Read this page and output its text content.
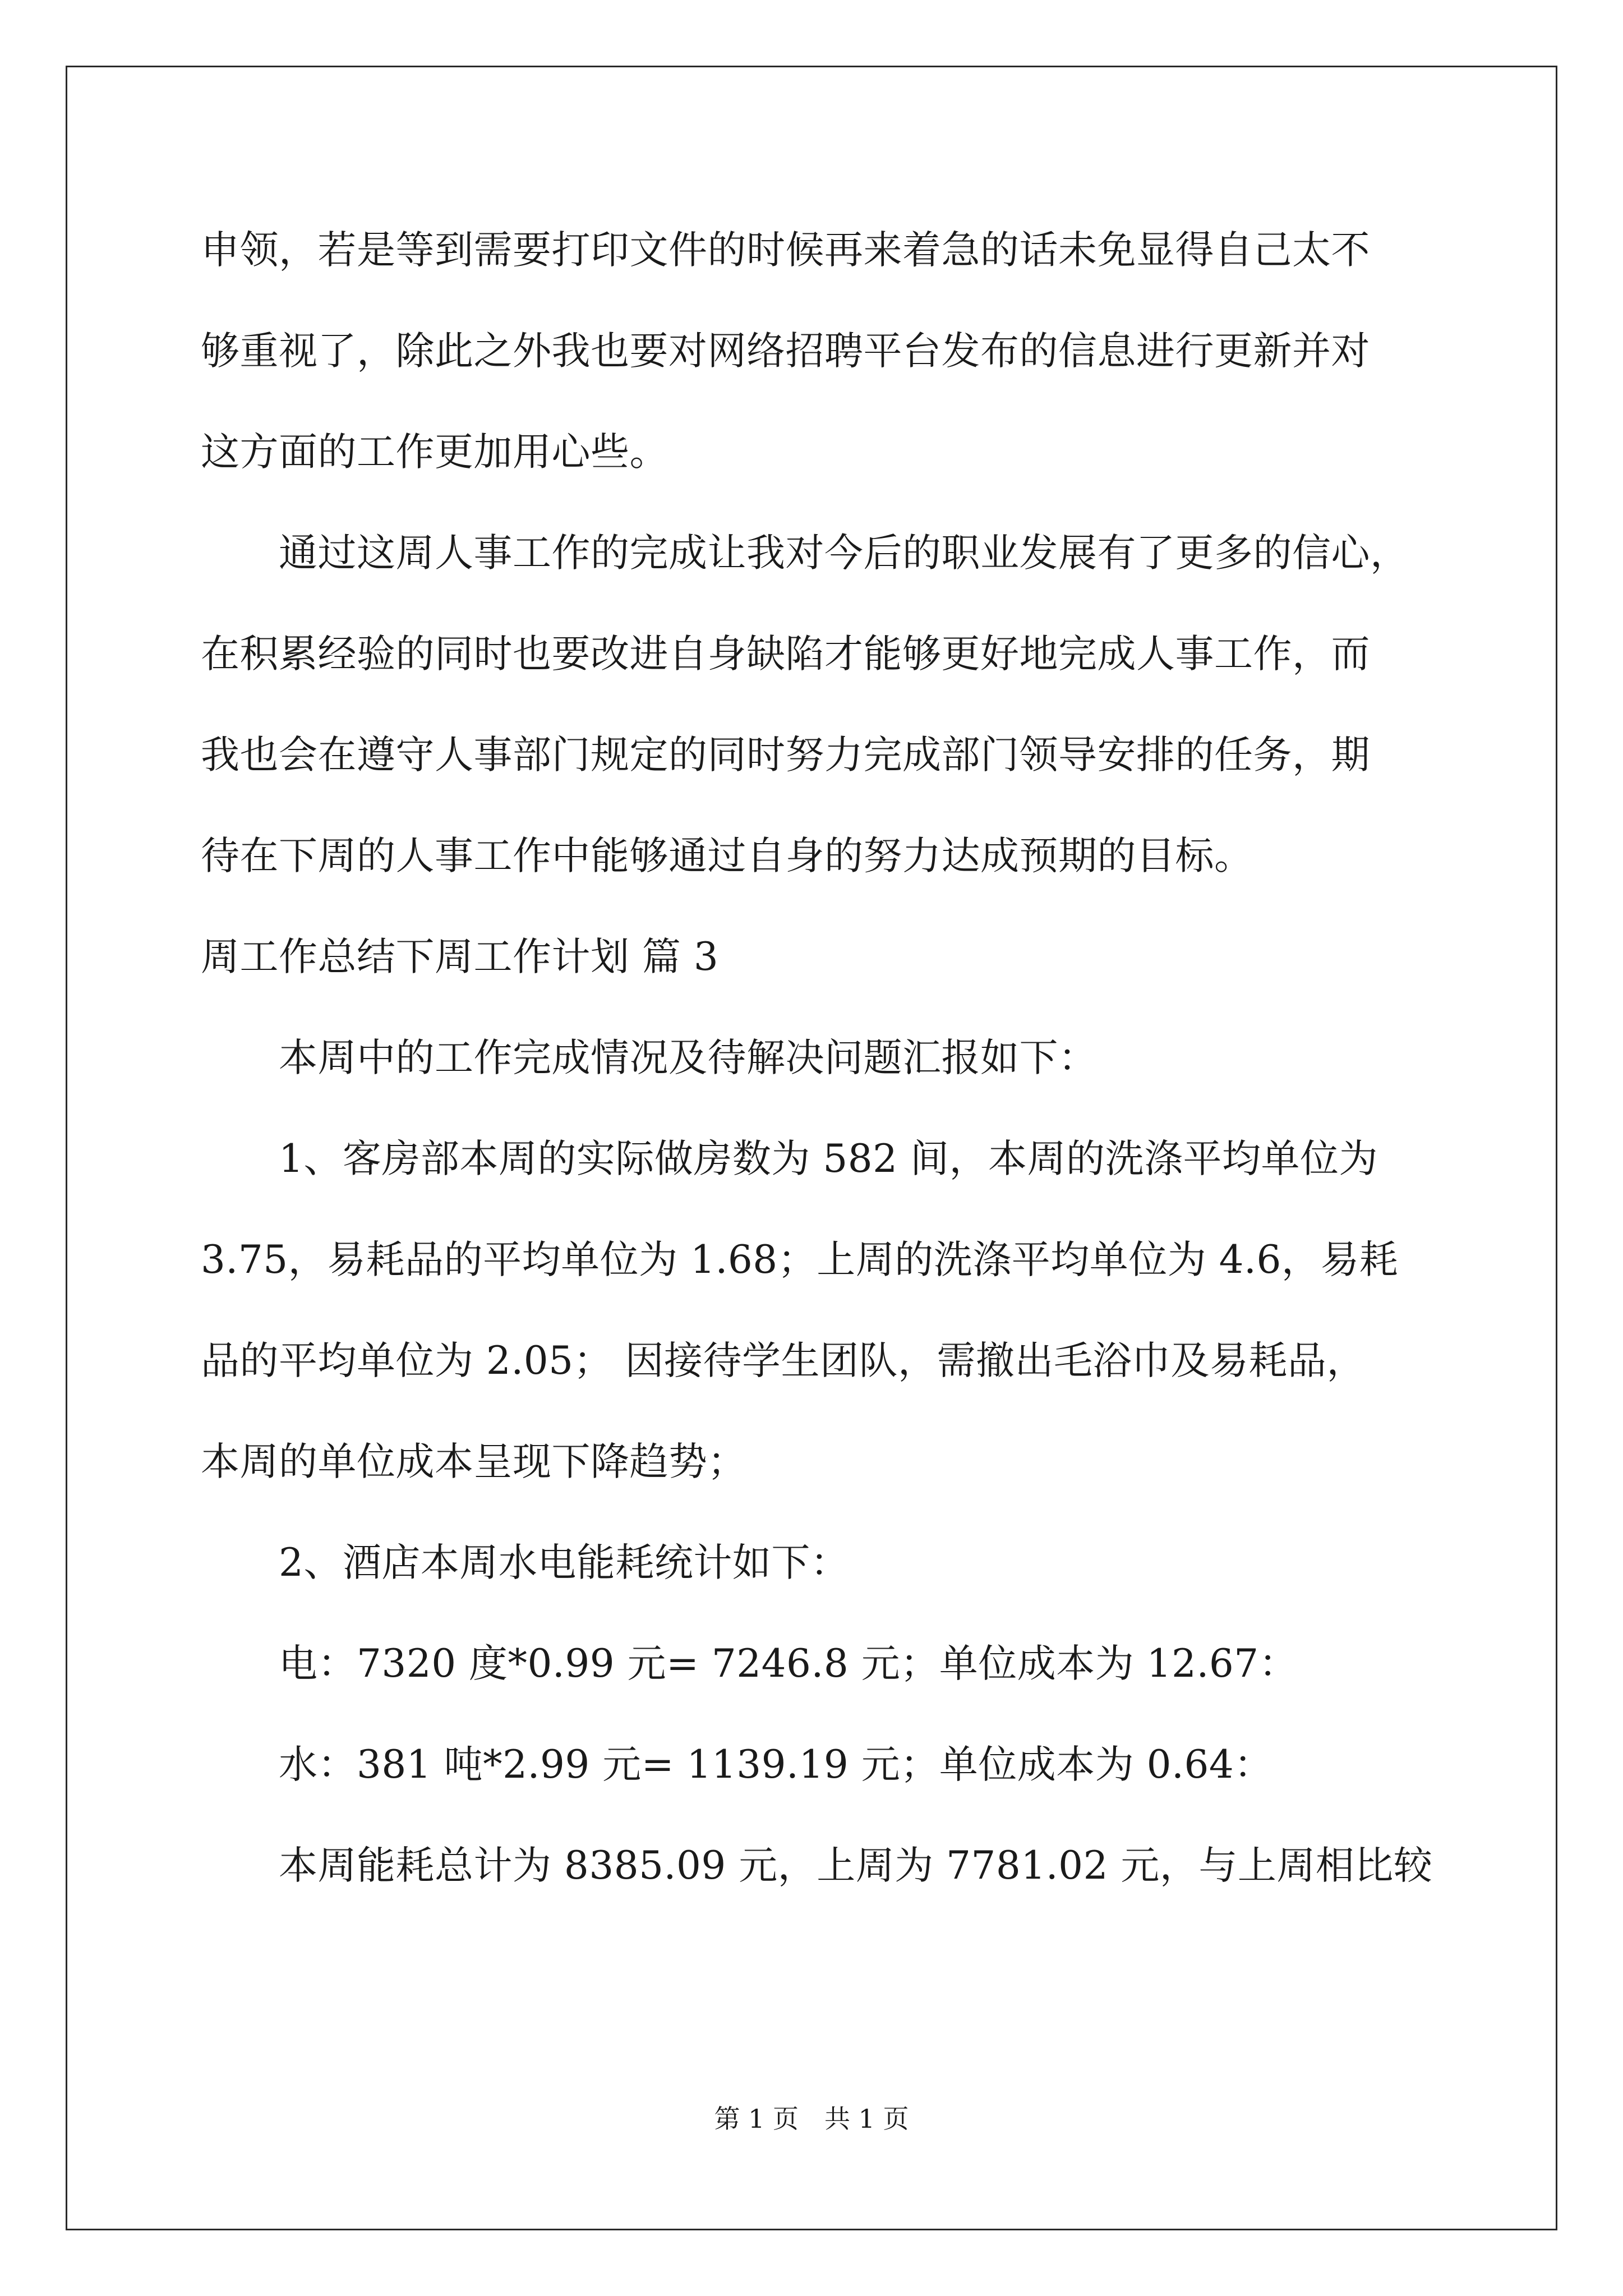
申领，若是等到需要打印文件的时候再来着急的话未免显得自己太不
够重视了，除此之外我也要对网络招聘平台发布的信息进行更新并对
这方面的工作更加用心些。
通过这周人事工作的完成让我对今后的职业发展有了更多的信心，
在积累经验的同时也要改进自身缺陷才能够更好地完成人事工作，而
我也会在遵守人事部门规定的同时努力完成部门领导安排的任务，期
待在下周的人事工作中能够通过自身的努力达成预期的目标。
周工作总结下周工作计划 篇 3
本周中的工作完成情况及待解决问题汇报如下：
1、客房部本周的实际做房数为 582 间，本周的洗涤平均单位为
3.75，易耗品的平均单位为 1.68；上周的洗涤平均单位为 4.6，易耗
品的平均单位为 2.05； 因接待学生团队，需撤出毛浴巾及易耗品，
本周的单位成本呈现下降趋势；
2、酒店本周水电能耗统计如下：
电：7320 度*0.99 元= 7246.8 元；单位成本为 12.67：
水：381 吨*2.99 元= 1139.19 元；单位成本为 0.64：
本周能耗总计为 8385.09 元，上周为 7781.02 元，与上周相比较
第 1 页 共 1 页
